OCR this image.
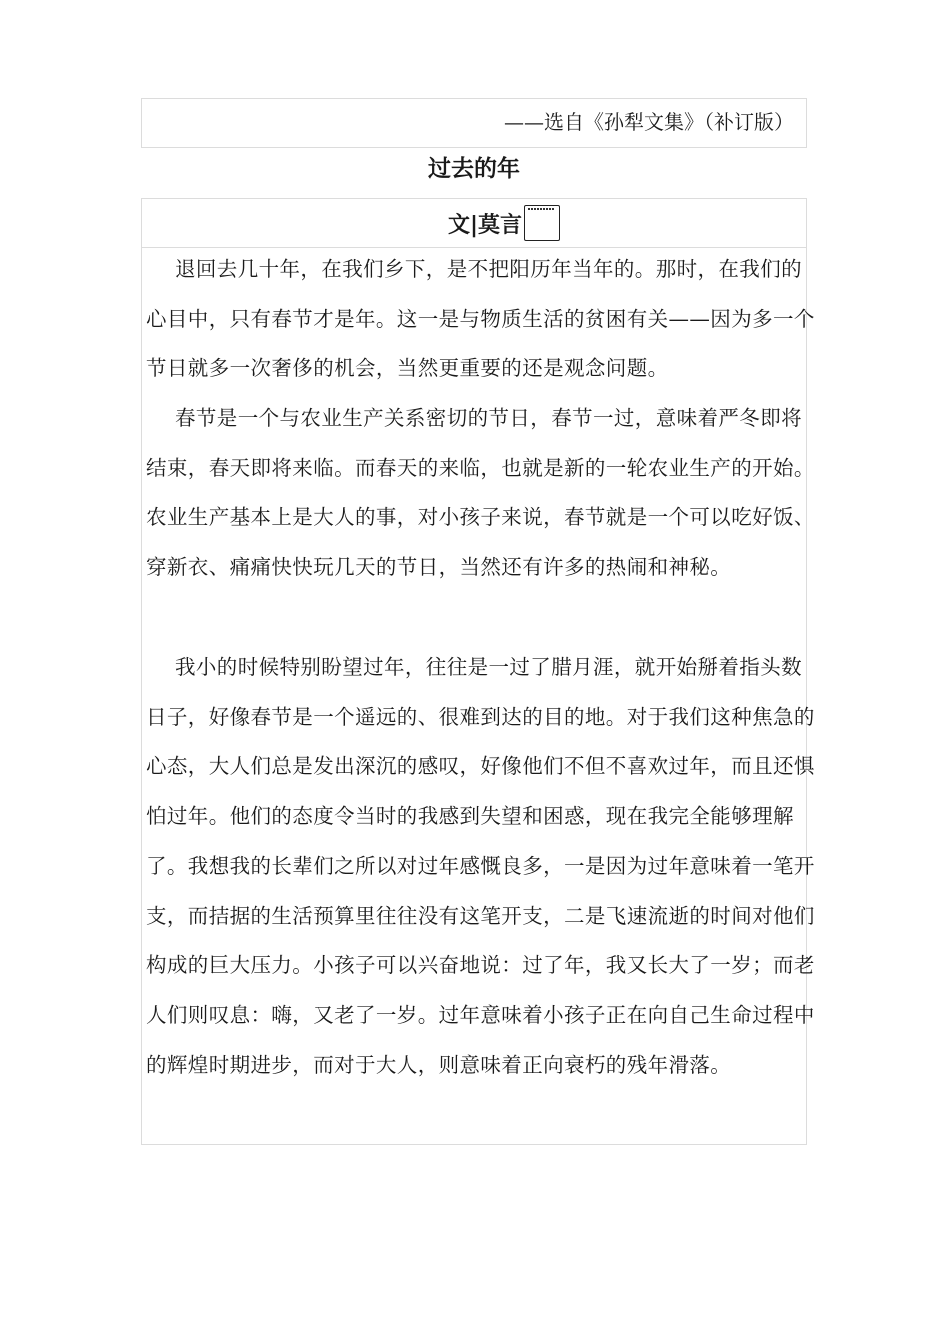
——选自《孙犁文集》（补订版）
过去的年
文|莫言

退回去几十年，在我们乡下，是不把阳历年当年的。那时，在我们的心目中，只有春节才是年。这一是与物质生活的贫困有关——因为多一个节日就多一次奢侈的机会，当然更重要的还是观念问题。

春节是一个与农业生产关系密切的节日，春节一过，意味着严冬即将结束，春天即将来临。而春天的来临，也就是新的一轮农业生产的开始。农业生产基本上是大人的事，对小孩子来说，春节就是一个可以吃好饭、穿新衣、痛痛快快玩几天的节日，当然还有许多的热闹和神秘。

我小的时候特别盼望过年，往往是一过了腊月涯，就开始掰着指头数日子，好像春节是一个遥远的、很难到达的目的地。对于我们这种焦急的心态，大人们总是发出深沉的感叹，好像他们不但不喜欢过年，而且还惧怕过年。他们的态度令当时的我感到失望和困惑，现在我完全能够理解了。我想我的长辈们之所以对过年感慨良多，一是因为过年意味着一笔开支，而拮据的生活预算里往往没有这笔开支，二是飞速流逝的时间对他们构成的巨大压力。小孩子可以兴奋地说：过了年，我又长大了一岁；而老人们则叹息：嗨，又老了一岁。过年意味着小孩子正在向自己生命过程中的辉煌时期进步，而对于大人，则意味着正向衰朽的残年滑落。
